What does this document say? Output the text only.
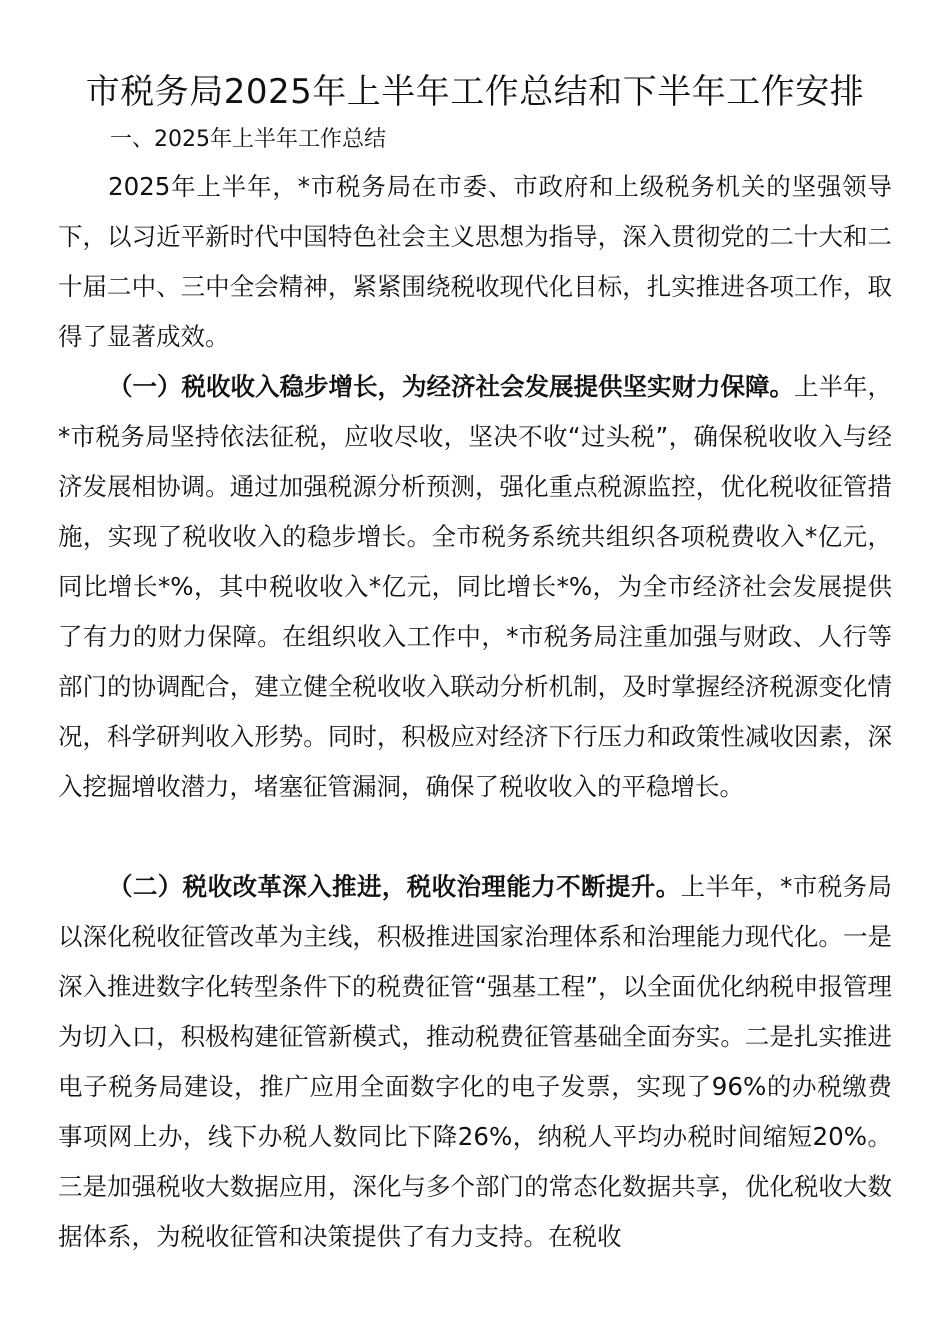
市税务局2025年上半年工作总结和下半年工作安排

一、2025年上半年工作总结

2025年上半年，*市税务局在市委、市政府和上级税务机关的坚强领导下，以习近平新时代中国特色社会主义思想为指导，深入贯彻党的二十大和二十届二中、三中全会精神，紧紧围绕税收现代化目标，扎实推进各项工作，取得了显著成效。

（一）税收收入稳步增长，为经济社会发展提供坚实财力保障。上半年，*市税务局坚持依法征税，应收尽收，坚决不收“过头税”，确保税收收入与经济发展相协调。通过加强税源分析预测，强化重点税源监控，优化税收征管措施，实现了税收收入的稳步增长。全市税务系统共组织各项税费收入*亿元，同比增长*%，其中税收收入*亿元，同比增长*%，为全市经济社会发展提供了有力的财力保障。在组织收入工作中，*市税务局注重加强与财政、人行等部门的协调配合，建立健全税收收入联动分析机制，及时掌握经济税源变化情况，科学研判收入形势。同时，积极应对经济下行压力和政策性减收因素，深入挖掘增收潜力，堵塞征管漏洞，确保了税收收入的平稳增长。

（二）税收改革深入推进，税收治理能力不断提升。上半年，*市税务局以深化税收征管改革为主线，积极推进国家治理体系和治理能力现代化。一是深入推进数字化转型条件下的税费征管“强基工程”，以全面优化纳税申报管理为切入口，积极构建征管新模式，推动税费征管基础全面夯实。二是扎实推进电子税务局建设，推广应用全面数字化的电子发票，实现了96%的办税缴费事项网上办，线下办税人数同比下降26%，纳税人平均办税时间缩短20%。三是加强税收大数据应用，深化与多个部门的常态化数据共享，优化税收大数据体系，为税收征管和决策提供了有力支持。在税收
